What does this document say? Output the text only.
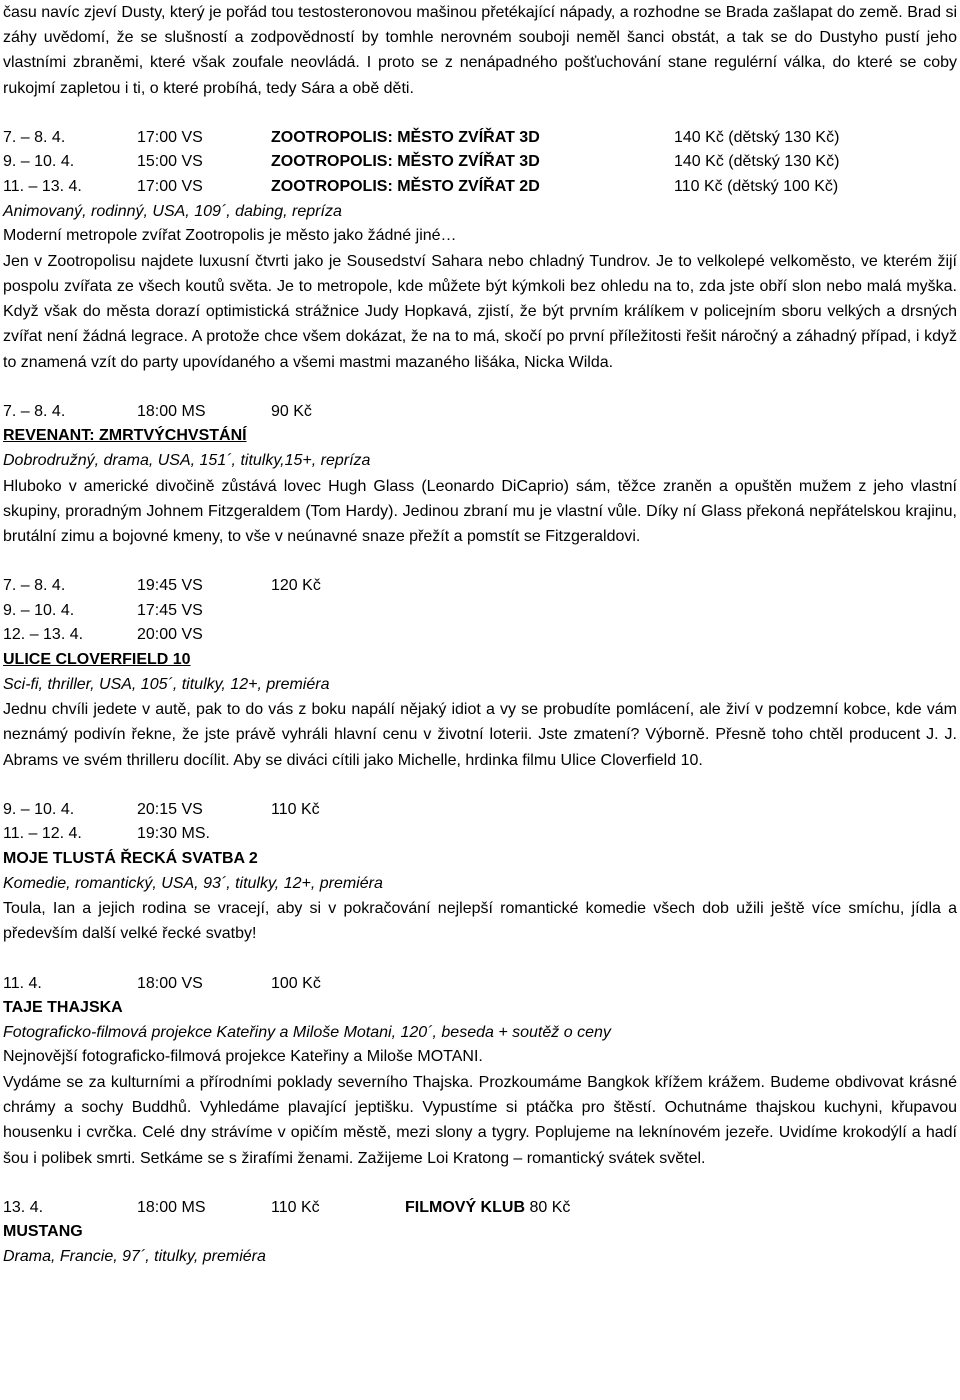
času navíc zjeví Dusty, který je pořád tou testosteronovou mašinou přetékající nápady, a rozhodne se Brada zašlapat do země. Brad si záhy uvědomí, že se slušností a zodpovědností by tomhle nerovném souboji neměl šanci obstát, a tak se do Dustyho pustí jeho vlastními zbraněmi, které však zoufale neovládá. I proto se z nenápadného pošťuchování stane regulérní válka, do které se coby rukojmí zapletou i ti, o které probíhá, tedy Sára a obě děti.

7. – 8. 4.	17:00 VS	ZOOTROPOLIS: MĚSTO ZVÍŘAT 3D	140 Kč (dětský 130 Kč)
9. – 10. 4.	15:00 VS	ZOOTROPOLIS: MĚSTO ZVÍŘAT 3D	140 Kč (dětský 130 Kč)
11. – 13. 4.	17:00 VS	ZOOTROPOLIS: MĚSTO ZVÍŘAT 2D	110 Kč (dětský 100 Kč)
Animovaný, rodinný, USA, 109´, dabing, repríza
Moderní metropole zvířat Zootropolis je město jako žádné jiné…

Jen v Zootropolisu najdete luxusní čtvrti jako je Sousedství Sahara nebo chladný Tundrov. Je to velkolepé velkoměsto, ve kterém žijí pospolu zvířata ze všech koutů světa. Je to metropole, kde můžete být kýmkoli bez ohledu na to, zda jste obří slon nebo malá myška. Když však do města dorazí optimistická strážnice Judy Hopkavá, zjistí, že být prvním králíkem v policejním sboru velkých a drsných zvířat není žádná legrace. A protože chce všem dokázat, že na to má, skočí po první příležitosti řešit náročný a záhadný případ, i když to znamená vzít do party upovídaného a všemi mastmi mazaného lišáka, Nicka Wilda.

7. – 8. 4.	18:00 MS	90 Kč
REVENANT: ZMRTVÝCHVSTÁNÍ
Dobrodružný, drama, USA, 151´, titulky,15+, repríza

Hluboko v americké divočině zůstává lovec Hugh Glass (Leonardo DiCaprio) sám, těžce zraněn a opuštěn mužem z jeho vlastní skupiny, proradným Johnem Fitzgeraldem (Tom Hardy). Jedinou zbraní mu je vlastní vůle. Díky ní Glass překoná nepřátelskou krajinu, brutální zimu a bojovné kmeny, to vše v neúnavné snaze přežít a pomstít se Fitzgeraldovi.

7. – 8. 4.	19:45 VS	120 Kč
9. – 10. 4.	17:45 VS
12. – 13. 4.	20:00 VS
ULICE CLOVERFIELD 10
Sci-fi, thriller, USA, 105´, titulky, 12+, premiéra

Jednu chvíli jedete v autě, pak to do vás z boku napálí nějaký idiot a vy se probudíte pomlácení, ale živí v podzemní kobce, kde vám neznámý podivín řekne, že jste právě vyhráli hlavní cenu v životní loterii. Jste zmatení? Výborně. Přesně toho chtěl producent J. J. Abrams ve svém thrilleru docílit. Aby se diváci cítili jako Michelle, hrdinka filmu Ulice Cloverfield 10.

9. – 10. 4.	20:15 VS	110 Kč
11. – 12. 4.	19:30 MS.
MOJE TLUSTÁ ŘECKÁ SVATBA 2
Komedie, romantický, USA, 93´, titulky, 12+, premiéra

Toula, Ian a jejich rodina se vracejí, aby si v pokračování nejlepší romantické komedie všech dob užili ještě více smíchu, jídla a především další velké řecké svatby!

11. 4.	18:00 VS	100 Kč
TAJE THAJSKA
Fotograficko-filmová projekce Kateřiny a Miloše Motani, 120´, beseda + soutěž o ceny
Nejnovější fotograficko-filmová projekce Kateřiny a Miloše MOTANI.

Vydáme se za kulturními a přírodními poklady severního Thajska. Prozkoumáme Bangkok křížem krážem. Budeme obdivovat krásné chrámy a sochy Buddhů. Vyhledáme plavající jeptišku. Vypustíme si ptáčka pro štěstí. Ochutnáme thajskou kuchyni, křupavou housenku i cvrčka. Celé dny strávíme v opičím městě, mezi slony a tygry. Poplujeme na leknínovém jezeře. Uvidíme krokodýlí a hadí šou i polibek smrti. Setkáme se s žirafími ženami. Zažijeme Loi Kratong – romantický svátek světel.

13. 4.	18:00 MS	110 Kč	FILMOVÝ KLUB 80 Kč
MUSTANG
Drama, Francie, 97´, titulky, premiéra
